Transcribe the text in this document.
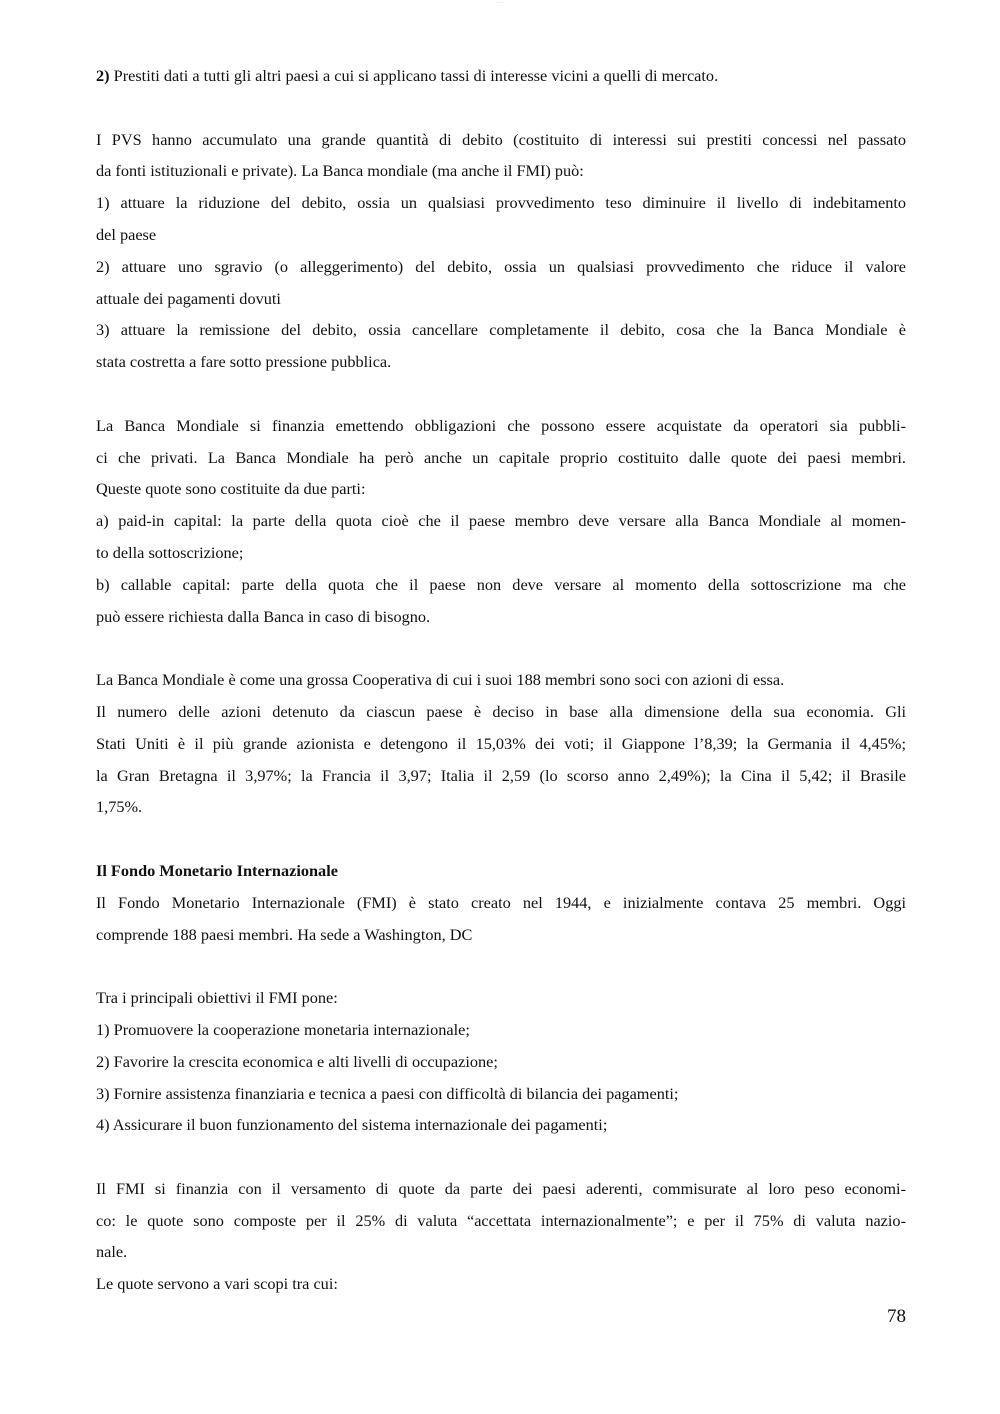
———
2) Prestiti dati a tutti gli altri paesi a cui si applicano tassi di interesse vicini a quelli di mercato.
I PVS hanno accumulato una grande quantità di debito (costituito di interessi sui prestiti concessi nel passato
da fonti istituzionali e private). La Banca mondiale (ma anche il FMI) può:
1) attuare la riduzione del debito, ossia un qualsiasi provvedimento teso diminuire il livello di indebitamento
del paese
2) attuare uno sgravio (o alleggerimento) del debito, ossia un qualsiasi provvedimento che riduce il valore
attuale dei pagamenti dovuti
3) attuare la remissione del debito, ossia cancellare completamente il debito, cosa che la Banca Mondiale è
stata costretta a fare sotto pressione pubblica.
La Banca Mondiale si finanzia emettendo obbligazioni che possono essere acquistate da operatori sia pubbli-
ci che privati. La Banca Mondiale ha però anche un capitale proprio costituito dalle quote dei paesi membri.
Queste quote sono costituite da due parti:
a) paid-in capital: la parte della quota cioè che il paese membro deve versare alla Banca Mondiale al momen-
to della sottoscrizione;
b) callable capital: parte della quota che il paese non deve versare al momento della sottoscrizione ma che
può essere richiesta dalla Banca in caso di bisogno.
La Banca Mondiale è come una grossa Cooperativa di cui i suoi 188 membri sono soci con azioni di essa.
Il numero delle azioni detenuto da ciascun paese è deciso in base alla dimensione della sua economia. Gli
Stati Uniti è il più grande azionista e detengono il 15,03% dei voti; il Giappone l’8,39; la Germania il 4,45%;
la Gran Bretagna il 3,97%; la Francia il 3,97; Italia il 2,59 (lo scorso anno 2,49%); la Cina il 5,42; il Brasile
1,75%.
Il Fondo Monetario Internazionale
Il Fondo Monetario Internazionale (FMI) è stato creato nel 1944, e inizialmente contava 25 membri. Oggi
comprende 188 paesi membri. Ha sede a Washington, DC
Tra i principali obiettivi il FMI pone:
1) Promuovere la cooperazione monetaria internazionale;
2) Favorire la crescita economica e alti livelli di occupazione;
3) Fornire assistenza finanziaria e tecnica a paesi con difficoltà di bilancia dei pagamenti;
4) Assicurare il buon funzionamento del sistema internazionale dei pagamenti;
Il FMI si finanzia con il versamento di quote da parte dei paesi aderenti, commisurate al loro peso economi-
co: le quote sono composte per il 25% di valuta “accettata internazionalmente”; e per il 75% di valuta nazio-
nale.
Le quote servono a vari scopi tra cui:
78
